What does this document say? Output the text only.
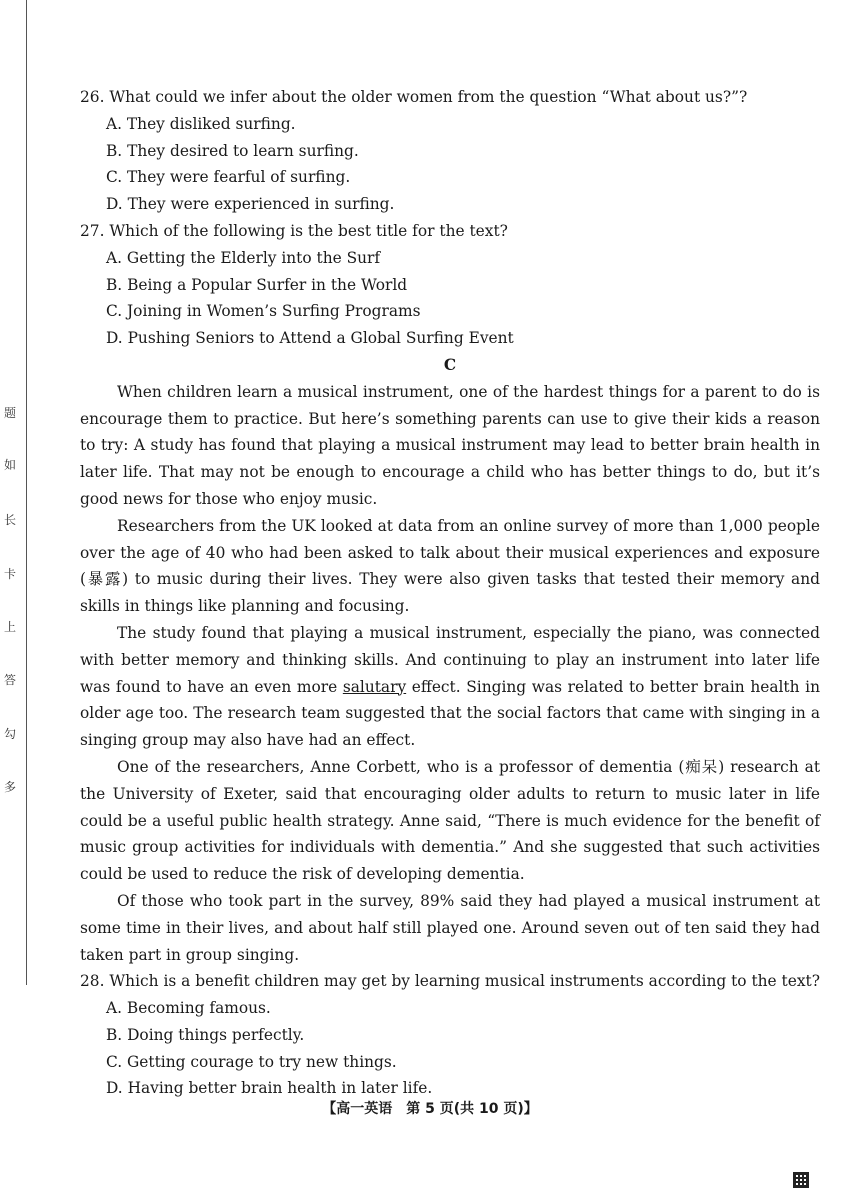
题
如
长
卡
上
答
勾
多

26. What could we infer about the older women from the question “What about us?”?

A. They disliked surfing.

B. They desired to learn surfing.

C. They were fearful of surfing.

D. They were experienced in surfing.

27. Which of the following is the best title for the text?

A. Getting the Elderly into the Surf

B. Being a Popular Surfer in the World

C. Joining in Women’s Surfing Programs

D. Pushing Seniors to Attend a Global Surfing Event

C

When children learn a musical instrument, one of the hardest things for a parent to do is encourage them to practice. But here’s something parents can use to give their kids a reason to try: A study has found that playing a musical instrument may lead to better brain health in later life. That may not be enough to encourage a child who has better things to do, but it’s good news for those who enjoy music.

Researchers from the UK looked at data from an online survey of more than 1,000 people over the age of 40 who had been asked to talk about their musical experiences and exposure (暴露) to music during their lives. They were also given tasks that tested their memory and skills in things like planning and focusing.

The study found that playing a musical instrument, especially the piano, was connected with better memory and thinking skills. And continuing to play an instrument into later life was found to have an even more salutary effect. Singing was related to better brain health in older age too. The research team suggested that the social factors that came with singing in a singing group may also have had an effect.

One of the researchers, Anne Corbett, who is a professor of dementia (痴呆) research at the University of Exeter, said that encouraging older adults to return to music later in life could be a useful public health strategy. Anne said, “There is much evidence for the benefit of music group activities for individuals with dementia.” And she suggested that such activities could be used to reduce the risk of developing dementia.

Of those who took part in the survey, 89% said they had played a musical instrument at some time in their lives, and about half still played one. Around seven out of ten said they had taken part in group singing.

28. Which is a benefit children may get by learning musical instruments according to the text?

A. Becoming famous.

B. Doing things perfectly.

C. Getting courage to try new things.

D. Having better brain health in later life.

【高一英语　第 5 页(共 10 页)】
